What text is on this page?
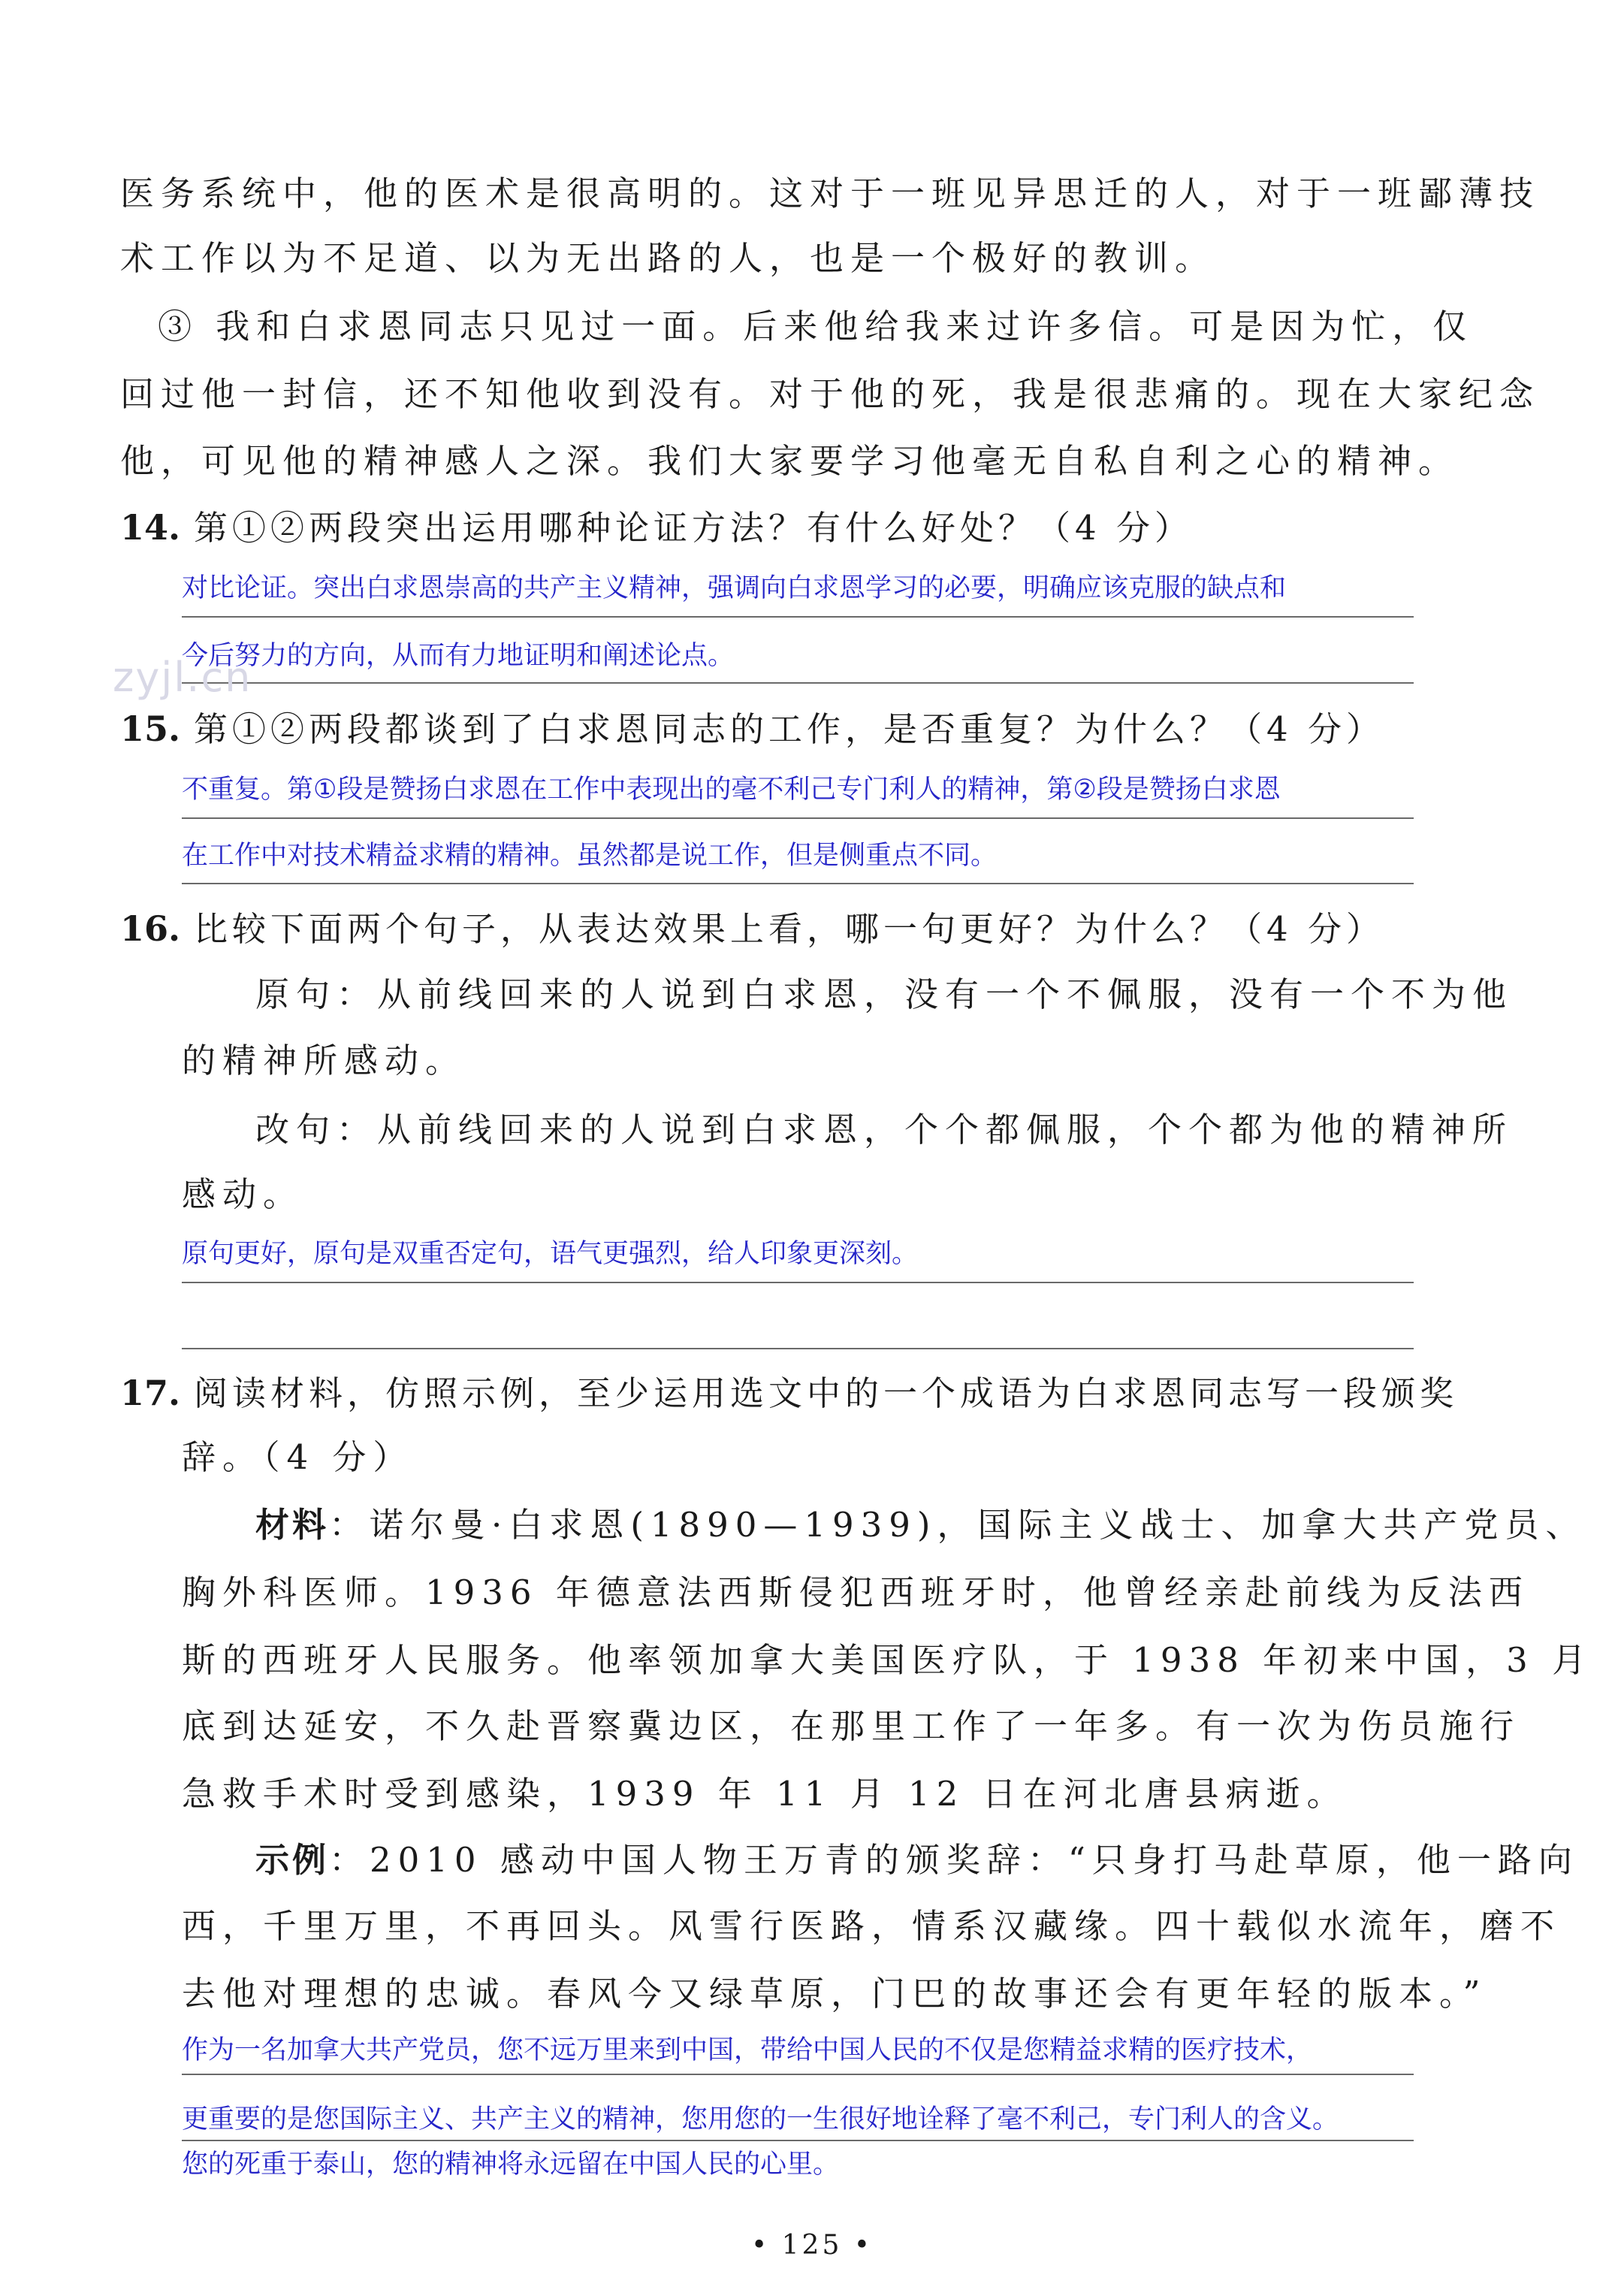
医务系统中，他的医术是很高明的。这对于一班见异思迁的人，对于一班鄙薄技
术工作以为不足道、以为无出路的人，也是一个极好的教训。
③ 我和白求恩同志只见过一面。后来他给我来过许多信。可是因为忙，仅
回过他一封信，还不知他收到没有。对于他的死，我是很悲痛的。现在大家纪念
他，可见他的精神感人之深。我们大家要学习他毫无自私自利之心的精神。
14. 第①②两段突出运用哪种论证方法？有什么好处？（4 分）
对比论证。突出白求恩崇高的共产主义精神，强调向白求恩学习的必要，明确应该克服的缺点和
今后努力的方向，从而有力地证明和阐述论点。
zyjl.cn
15. 第①②两段都谈到了白求恩同志的工作，是否重复？为什么？（4 分）
不重复。第①段是赞扬白求恩在工作中表现出的毫不利己专门利人的精神，第②段是赞扬白求恩
在工作中对技术精益求精的精神。虽然都是说工作，但是侧重点不同。
16. 比较下面两个句子，从表达效果上看，哪一句更好？为什么？（4 分）
原句：从前线回来的人说到白求恩，没有一个不佩服，没有一个不为他
的精神所感动。
改句：从前线回来的人说到白求恩，个个都佩服，个个都为他的精神所
感动。
原句更好，原句是双重否定句，语气更强烈，给人印象更深刻。
17. 阅读材料，仿照示例，至少运用选文中的一个成语为白求恩同志写一段颁奖
辞。（4 分）
材料：诺尔曼·白求恩(1890—1939)，国际主义战士、加拿大共产党员、
胸外科医师。1936 年德意法西斯侵犯西班牙时，他曾经亲赴前线为反法西
斯的西班牙人民服务。他率领加拿大美国医疗队，于 1938 年初来中国，3 月
底到达延安，不久赴晋察冀边区，在那里工作了一年多。有一次为伤员施行
急救手术时受到感染，1939 年 11 月 12 日在河北唐县病逝。
示例：2010 感动中国人物王万青的颁奖辞：“只身打马赴草原，他一路向
西，千里万里，不再回头。风雪行医路，情系汉藏缘。四十载似水流年，磨不
去他对理想的忠诚。春风今又绿草原，门巴的故事还会有更年轻的版本。”
作为一名加拿大共产党员，您不远万里来到中国，带给中国人民的不仅是您精益求精的医疗技术，
更重要的是您国际主义、共产主义的精神，您用您的一生很好地诠释了毫不利己，专门利人的含义。
您的死重于泰山，您的精神将永远留在中国人民的心里。
• 125 •
